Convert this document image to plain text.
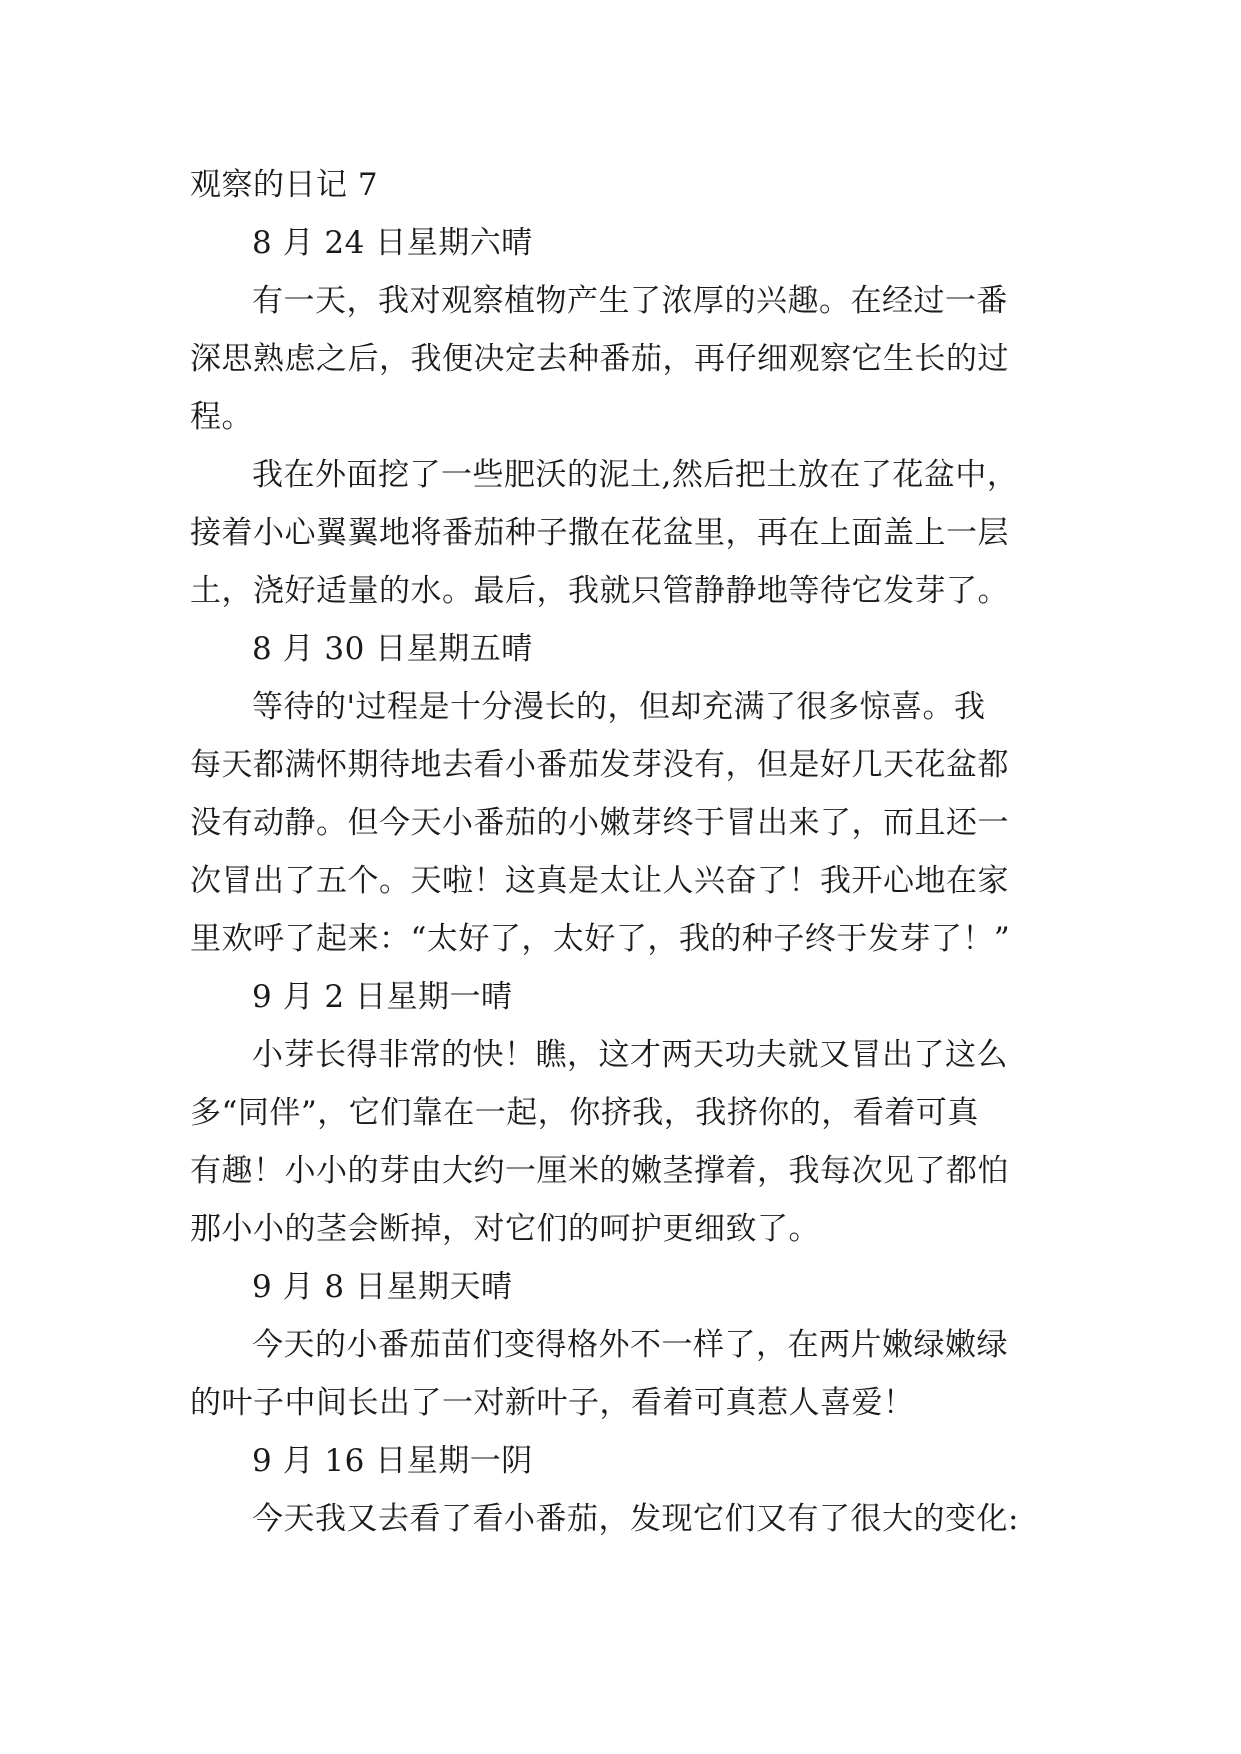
观察的日记 7
8 月 24 日星期六晴
有一天，我对观察植物产生了浓厚的兴趣。在经过一番
深思熟虑之后，我便决定去种番茄，再仔细观察它生长的过
程。
我在外面挖了一些肥沃的泥土,然后把土放在了花盆中，
接着小心翼翼地将番茄种子撒在花盆里，再在上面盖上一层
土，浇好适量的水。最后，我就只管静静地等待它发芽了。
8 月 30 日星期五晴
等待的'过程是十分漫长的，但却充满了很多惊喜。我
每天都满怀期待地去看小番茄发芽没有，但是好几天花盆都
没有动静。但今天小番茄的小嫩芽终于冒出来了，而且还一
次冒出了五个。天啦！这真是太让人兴奋了！我开心地在家
里欢呼了起来：“太好了，太好了，我的种子终于发芽了！”
9 月 2 日星期一晴
小芽长得非常的快！瞧，这才两天功夫就又冒出了这么
多“同伴”，它们靠在一起，你挤我，我挤你的，看着可真
有趣！小小的芽由大约一厘米的嫩茎撑着，我每次见了都怕
那小小的茎会断掉，对它们的呵护更细致了。
9 月 8 日星期天晴
今天的小番茄苗们变得格外不一样了，在两片嫩绿嫩绿
的叶子中间长出了一对新叶子，看着可真惹人喜爱！
9 月 16 日星期一阴
今天我又去看了看小番茄，发现它们又有了很大的变化:
